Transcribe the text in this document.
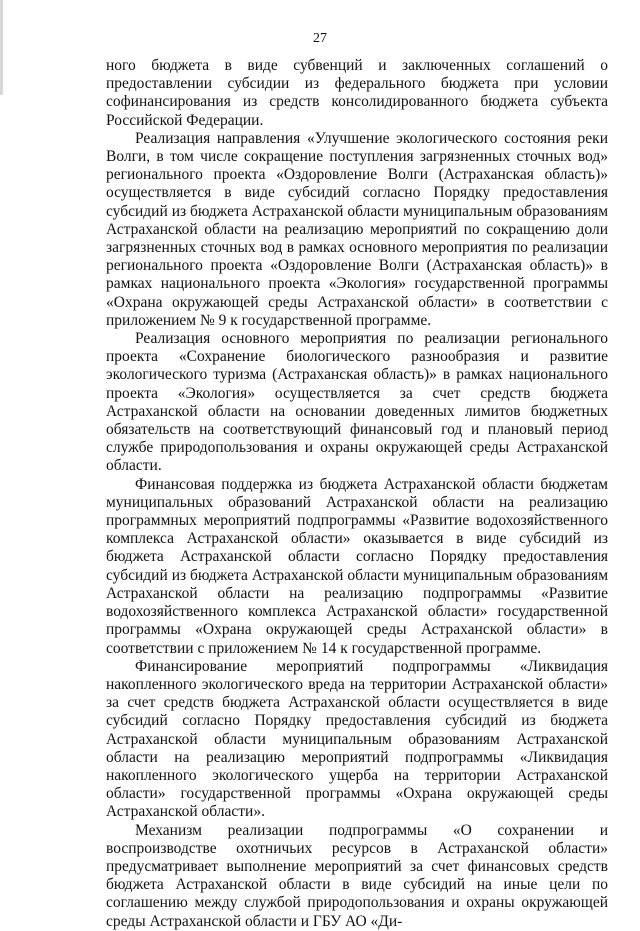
27

ного бюджета в виде субвенций и заключенных соглашений о предоставлении субсидии из федерального бюджета при условии софинансирования из средств консолидированного бюджета субъекта Российской Федерации.

Реализация направления «Улучшение экологического состояния реки Волги, в том числе сокращение поступления загрязненных сточных вод» регионального проекта «Оздоровление Волги (Астраханская область)» осуществляется в виде субсидий согласно Порядку предоставления субсидий из бюджета Астраханской области муниципальным образованиям Астраханской области на реализацию мероприятий по сокращению доли загрязненных сточных вод в рамках основного мероприятия по реализации регионального проекта «Оздоровление Волги (Астраханская область)» в рамках национального проекта «Экология» государственной программы «Охрана окружающей среды Астраханской области» в соответствии с приложением № 9 к государственной программе.

Реализация основного мероприятия по реализации регионального проекта «Сохранение биологического разнообразия и развитие экологического туризма (Астраханская область)» в рамках национального проекта «Экология» осуществляется за счет средств бюджета Астраханской области на основании доведенных лимитов бюджетных обязательств на соответствующий финансовый год и плановый период службе природопользования и охраны окружающей среды Астраханской области.

Финансовая поддержка из бюджета Астраханской области бюджетам муниципальных образований Астраханской области на реализацию программных мероприятий подпрограммы «Развитие водохозяйственного комплекса Астраханской области» оказывается в виде субсидий из бюджета Астраханской области согласно Порядку предоставления субсидий из бюджета Астраханской области муниципальным образованиям Астраханской области на реализацию подпрограммы «Развитие водохозяйственного комплекса Астраханской области» государственной программы «Охрана окружающей среды Астраханской области» в соответствии с приложением № 14 к государственной программе.

Финансирование мероприятий подпрограммы «Ликвидация накопленного экологического вреда на территории Астраханской области» за счет средств бюджета Астраханской области осуществляется в виде субсидий согласно Порядку предоставления субсидий из бюджета Астраханской области муниципальным образованиям Астраханской области на реализацию мероприятий подпрограммы «Ликвидация накопленного экологического ущерба на территории Астраханской области» государственной программы «Охрана окружающей среды Астраханской области».

Механизм реализации подпрограммы «О сохранении и воспроизводстве охотничьих ресурсов в Астраханской области» предусматривает выполнение мероприятий за счет финансовых средств бюджета Астраханской области в виде субсидий на иные цели по соглашению между службой природопользования и охраны окружающей среды Астраханской области и ГБУ АО «Ди-
